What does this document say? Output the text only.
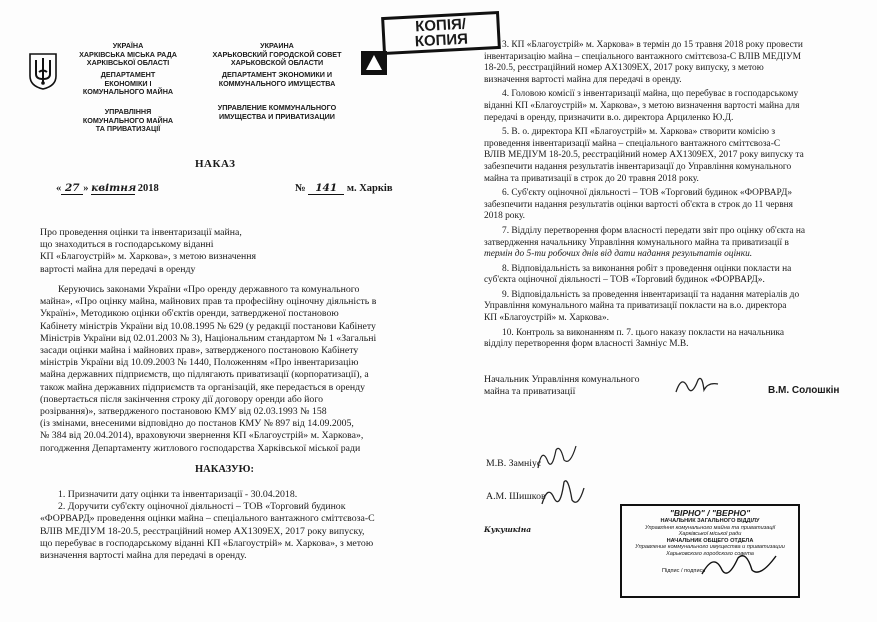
УКРАЇНА
ХАРКІВСЬКА МІСЬКА РАДА
ХАРКІВСЬКОЇ ОБЛАСТІ
ДЕПАРТАМЕНТ
ЕКОНОМІКИ І
КОМУНАЛЬНОГО МАЙНА
УПРАВЛІННЯ
КОМУНАЛЬНОГО МАЙНА
ТА ПРИВАТИЗАЦІЇ
УКРАИНА
ХАРЬКОВСКИЙ ГОРОДСКОЙ СОВЕТ
ХАРЬКОВСКОЙ ОБЛАСТИ
ДЕПАРТАМЕНТ ЭКОНОМИКИ И
КОММУНАЛЬНОГО ИМУЩЕСТВА
УПРАВЛЕНИЕ КОММУНАЛЬНОГО
ИМУЩЕСТВА И ПРИВАТИЗАЦИИ
КОПІЯ/
КОПИЯ
НАКАЗ
« 27 » квітня 2018	№ 141 м. Харків
Про проведення оцінки та інвентаризації майна,
що знаходиться в господарському віданні
КП «Благоустрій» м. Харкова», з метою визначення
вартості майна для передачі в оренду
Керуючись законами України «Про оренду державного та комунального
майна», «Про оцінку майна, майнових прав та професійну оціночну діяльність в
Україні», Методикою оцінки об'єктів оренди, затвердженої постановою
Кабінету міністрів України від 10.08.1995 № 629 (у редакції постанови Кабінету
Міністрів України від 02.01.2003 № 3), Національним стандартом № 1 «Загальні
засади оцінки майна і майнових прав», затвердженого постановою Кабінету
міністрів України від 10.09.2003 № 1440, Положенням «Про інвентаризацію
майна державних підприємств, що підлягають приватизації (корпоратизації), а
також майна державних підприємств та організацій, яке передається в оренду
(повертається після закінчення строку дії договору оренди або його
розірвання)», затвердженого постановою КМУ від 02.03.1993 № 158
(із змінами, внесеними відповідно до постанов КМУ № 897 від 14.09.2005,
№ 384 від 20.04.2014), враховуючи звернення КП «Благоустрій» м. Харкова»,
погодження Департаменту житлового господарства Харківської міської ради
НАКАЗУЮ:
1. Призначити дату оцінки та інвентаризації - 30.04.2018.
2. Доручити суб'єкту оціночної діяльності – ТОВ «Торговий будинок
«ФОРВАРД» проведення оцінки майна – спеціального вантажного сміттєвоза-С
ВЛІВ МЕДІУМ 18-20.5, реєстраційний номер АХ1309ЕХ, 2017 року випуску,
що перебуває в господарському віданні КП «Благоустрій» м. Харкова», з метою
визначення вартості майна для передачі в оренду.

3. КП «Благоустрій» м. Харкова» в термін до 15 травня 2018 року провести
інвентаризацію майна – спеціального вантажного сміттєвоза-С ВЛІВ МЕДІУМ
18-20.5, реєстраційний номер АХ1309ЕХ, 2017 року випуску, з метою
визначення вартості майна для передачі в оренду.

4. Головою комісії з інвентаризації майна, що перебуває в господарському
віданні КП «Благоустрій» м. Харкова», з метою визначення вартості майна для
передачі в оренду, призначити в.о. директора Арциленко Ю.Д.

5. В. о. директора КП «Благоустрій» м. Харкова» створити комісію з
проведення інвентаризації майна – спеціального вантажного сміттєвоза-С
ВЛІВ МЕДІУМ 18-20.5, реєстраційний номер АХ1309ЕХ, 2017 року випуску та
забезпечити надання результатів інвентаризації до Управління комунального
майна та приватизації в строк до 20 травня 2018 року.

6. Суб'єкту оціночної діяльності – ТОВ «Торговий будинок «ФОРВАРД»
забезпечити надання результатів оцінки вартості об'єкта в строк до 11 червня
2018 року.

7. Відділу перетворення форм власності передати звіт про оцінку об'єкта на
затвердження начальнику Управління комунального майна та приватизації в
термін до 5-ти робочих днів від дати надання результатів оцінки.

8. Відповідальність за виконання робіт з проведення оцінки покласти на
суб'єкта оціночної діяльності – ТОВ «Торговий будинок «ФОРВАРД».

9. Відповідальність за проведення інвентаризації та надання матеріалів до
Управління комунального майна та приватизації покласти на в.о. директора
КП «Благоустрій» м. Харкова».

10. Контроль за виконанням п. 7. цього наказу покласти на начальника
відділу перетворення форм власності Замніус М.В.

Начальник Управління комунального
майна та приватизації	В.М. Солошкін
М.В. Замніус
А.М. Шишков
Кукушкіна
"ВІРНО" / "ВЕРНО"
НАЧАЛЬНИК ЗАГАЛЬНОГО ВІДДІЛУ
Управління комунального майна та приватизації
Харківської міської ради
НАЧАЛЬНИК ОБЩЕГО ОТДЕЛА
Управление коммунального имущества и приватизации
Харьковского городского совета
Підпис / подпись
